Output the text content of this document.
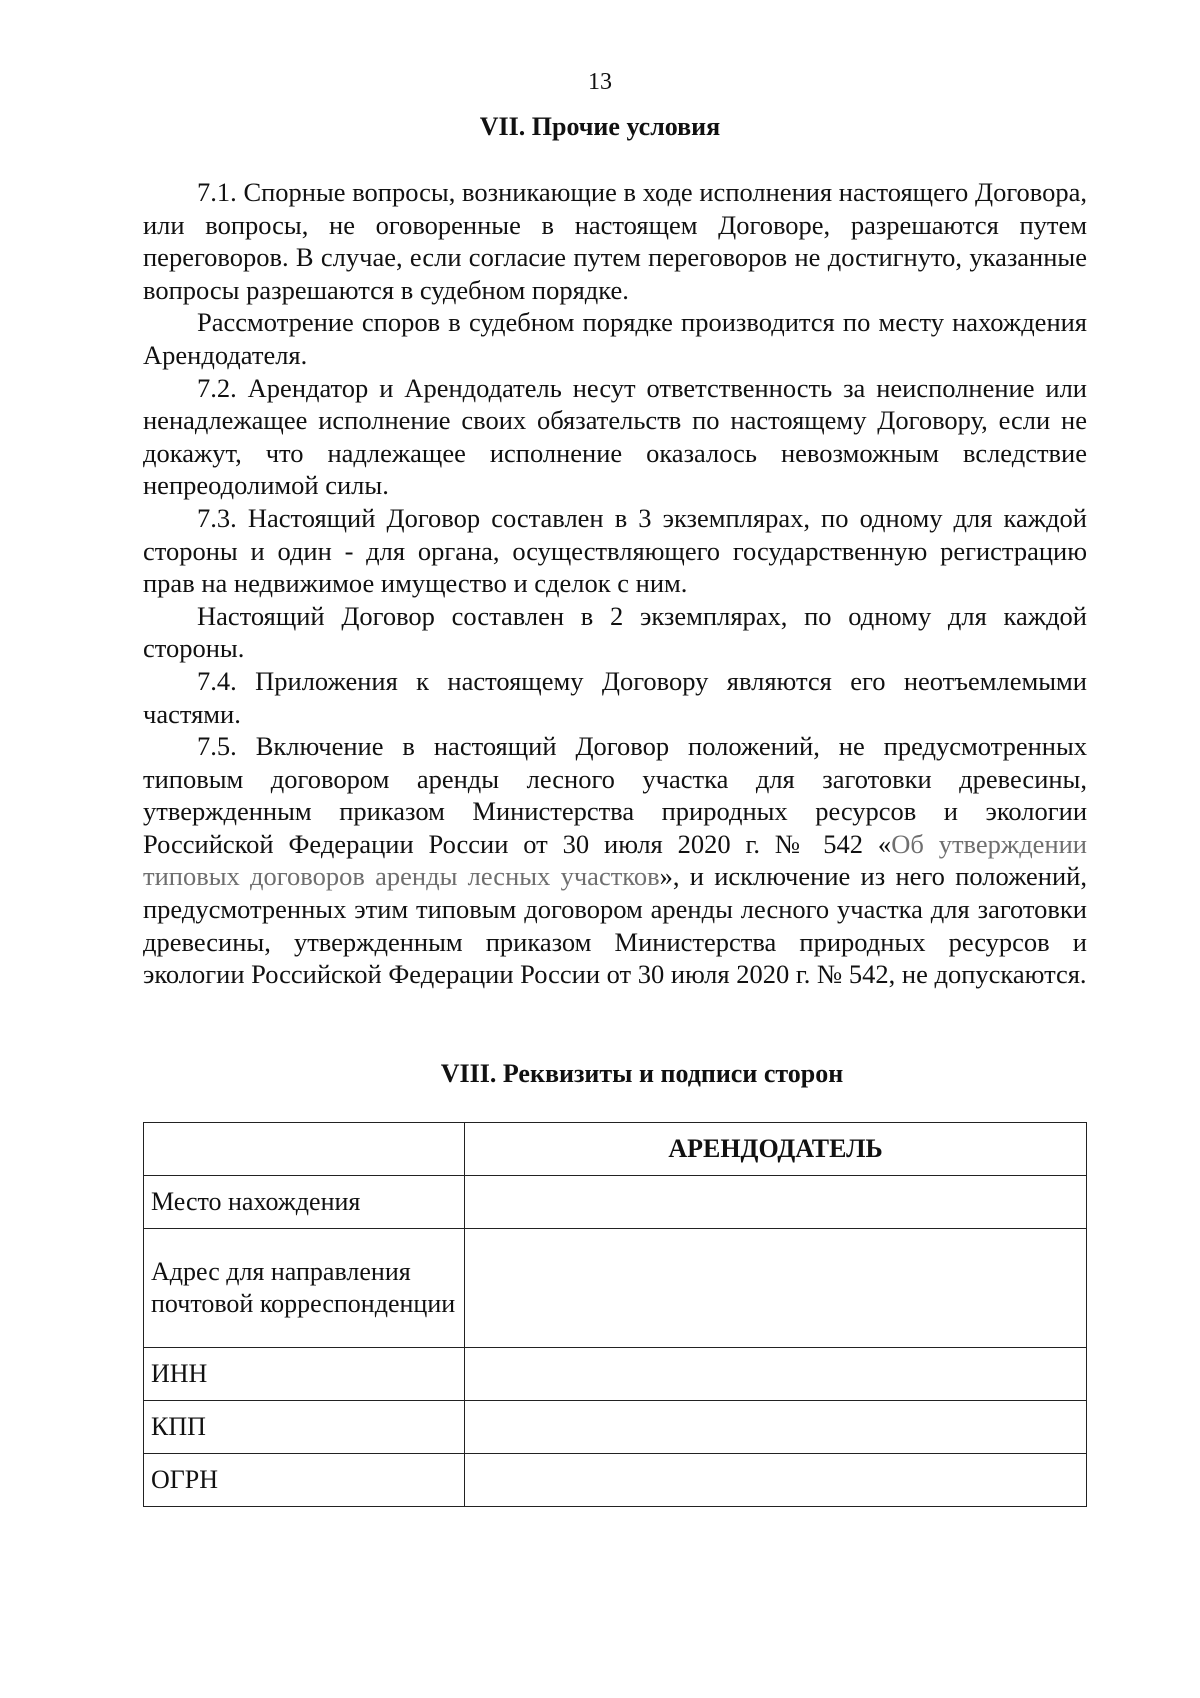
13
VII. Прочие условия

7.1. Спорные вопросы, возникающие в ходе исполнения настоящего Договора, или вопросы, не оговоренные в настоящем Договоре, разрешаются путем переговоров. В случае, если согласие путем переговоров не достигнуто, указанные вопросы разрешаются в судебном порядке.

Рассмотрение споров в судебном порядке производится по месту нахождения Арендодателя.

7.2. Арендатор и Арендодатель несут ответственность за неисполнение или ненадлежащее исполнение своих обязательств по настоящему Договору, если не докажут, что надлежащее исполнение оказалось невозможным вследствие непреодолимой силы.

7.3. Настоящий Договор составлен в 3 экземплярах, по одному для каждой стороны и один - для органа, осуществляющего государственную регистрацию прав на недвижимое имущество и сделок с ним.

Настоящий Договор составлен в 2 экземплярах, по одному для каждой стороны.

7.4. Приложения к настоящему Договору являются его неотъемлемыми частями.

7.5. Включение в настоящий Договор положений, не предусмотренных типовым договором аренды лесного участка для заготовки древесины, утвержденным приказом Министерства природных ресурсов и экологии Российской Федерации России от 30 июля 2020 г. № 542 «Об утверждении типовых договоров аренды лесных участков», и исключение из него положений, предусмотренных этим типовым договором аренды лесного участка для заготовки древесины, утвержденным приказом Министерства природных ресурсов и экологии Российской Федерации России от 30 июля 2020 г. № 542, не допускаются.

VIII. Реквизиты и подписи сторон
	АРЕНДОДАТЕЛЬ
Место нахождения	
Адрес для направления почтовой корреспонденции	
ИНН	
КПП	
ОГРН	
